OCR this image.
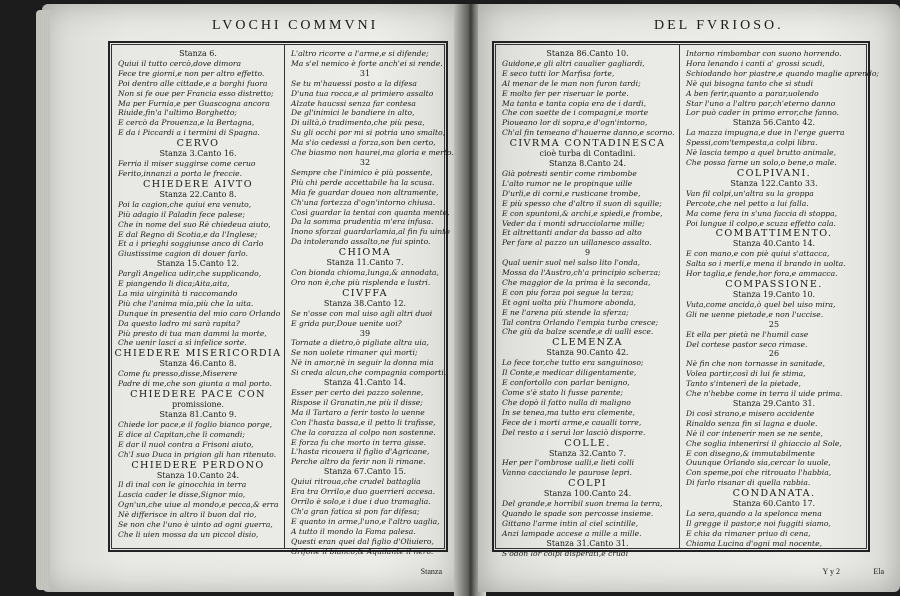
LVOCHI COMMVNI
Stanza 6.
Quiui il tutto cercò,dove dimora
Fece tre giorni,e non per altro effetto.
Poi dentro alle cittade,e a borghi fuora
Non si fe oue per Francia esso distretto;
Ma per Furnia,e per Guascogna ancora
Riuide,fin'a l'ultimo Borghetto;
E cercò da Prouenza,e la Bertagna,
E da i Piccardi a i termini di Spagna.
CERVO
Stanza 3.Canto 16.
Ferria il miser suggirse come ceruo
Ferito,innanzi a porta le freccie.
CHIEDERE AIVTO
Stanza 22.Canto 8.
Poi la cagion,che quiui era venuto,
Più adagio il Paladin fece palese;
Che in nome del suo Rè chiedeua aiuto,
E dal Regno di Scotia,e da l'Inglese;
Et a i prieghi soggiunse anco di Carlo
Giustissime cagion di douer farlo.
Stanza 15.Canto 12.
Parglì Angelica udir,che supplicando,
E piangendo li dica;Aita,aita,
La mia uirginità ti raccomando
Più che l'anima mia,più che la uita.
Dunque in presentia del mio caro Orlando
Da questo ladro mi sarà rapita?
Più presto di tua man dammi la morte,
Che uenir lasci a sì infelice sorte.
CHIEDERE MISERICORDIA
Stanza 46.Canto 8.
Come fu presso,disse,Miserere
Padre di me,che son giunta a mal porto.
CHIEDERE PACE CON
promissione.
Stanza 81.Canto 9.
Chiede lor pace,e il foglio bianco porge,
E dice al Capitan,che lì comandi;
E dar il nuol contra a Frisoni aiuto,
Ch'I suo Duca in prigion gli han ritenuto.
CHIEDERE PERDONO
Stanza 10.Canto 24.
Il dì inal con le ginocchia in terra
Lascia cader le disse,Signor mio,
Ogn'un,che uiue al mondo,e pecca,& erra
Nè differisce in altro il buon dal rio,
Se non che l'uno è uinto ad ogni guerra,
Che li uien mossa da un piccol disio,
L'altro ricorre a l'arme,e si difende;
Ma s'el nemico è forte anch'ei si rende.
31
Se tu m'hauessi posto a la difesa
D'una tua rocca,e al primiero assalto
Alzate haucssi senza far contesa
De gl'inimici le bandiere in alto,
Di uiltà,ò tradimento,che più pesa,
Su gli occhi por mi si potria uno smalto,
Ma s'io cedessi a forza,son ben certo,
Che biasmo non haurei,ma gloria e merto.
32
Sempre che l'inimico è più possente,
Più chi perde accettabile ha la scusa.
Mia fe guardar douea non altramente,
Ch'una fortezza d'ogn'intorno chiusa.
Così guardar la tentai con quanta mente,
Da la somma prudentia m'era infusa.
Inono sforzai guardarlamia,al fin fu uinto
Da intolerando assalto,ne fui spinto.
CHIOMA
Stanza 11.Canto 7.
Con bionda chioma,lunga,& annodata,
Oro non è,che più risplenda e lustri.
CIVFFA
Stanza 38.Canto 12.
Se n'osse con mal uiso agli altri duoi
E grida pur,Doue uenite uoi?
39
Tornate a dietro,ò pigliate altra uia,
Se non uolete rimaner quì morti;
Nè in amor,nè in seguir la donna mia
Si creda alcun,che compagnia comporti.
Stanza 41.Canto 14.
Esser per certo dei pazzo solenne,
Rispose il Granatin,ne più il disse;
Ma il Tartaro a ferir tosto lo uenne
Con l'hasta bassa,e il petto li trafisse,
Che la corazza al colpo non sostenne.
E forza fu che morto in terra gisse.
L'hasta ricouera il figlio d'Agricane,
Perche altro da ferir non li rimane.
Stanza 67.Canto 15.
Quiui ritroua,che crudel battaglia
Era tra Orrilo,e duo guerrieri accesa.
Orrilo è solo,e i due i duo tramaglia.
Ch'a gran fatica si pon far difesa;
E quanto in arme,l'uno,e l'altro uaglia,
A tutto il mondo la Fama palesa.
Questi eran quei dal figlio d'Oliuiero,
Grifone il bianco,& Aquilante il nero.
Stanza
DEL FVRIOSO.
Stanza 86.Canto 10.
Guidone,e gli altri caualier gagliardi,
E seco tutti lor Marfisa forte,
Al menar de le man non furon tardi;
E molto fer per riseruar le porte.
Ma tanta e tanta copia era de i dardi,
Che con saette de i compagni,e morte
Pioueano lor di sopra,e d'ogn'intorno,
Ch'al fin temeano d'hauerne danno,e scorno.
CIVRMA CONTADINESCA
cioè turba di Contadini.
Stanza 8.Canto 24.
Già potresti sentir come rimbombe
L'alto rumor ne le propinque uille
D'urli,e di corni,e rusticane trombe,
E più spesso che d'altro il suon di squille;
E con spuntoni,& archi,e spiedi,e frombe,
Veder da i monti sdrucciolarne mille;
Et altrettanti andar da basso ad alto
Per fare al pazzo un uillanesco assalto.
9
Qual uenir suol nel salso lito l'onda,
Mossa da l'Austro,ch'a principio scherza;
Che maggior de la prima è la seconda,
E con piu forza poi segue la terza;
Et ogni uolta più l'humore abonda,
E ne l'arena più stende la sferza;
Tal contra Orlando l'empia turba cresce;
Che giù da balze scende,e di ualli esce.
CLEMENZA
Stanza 90.Canto 42.
Lo fece tor,che tutto era sanguinoso;
Il Conte,e medicar diligentamente,
E confortollo con parlar benigno,
Come s'è stato li fusse parente;
Che dopò il fatto nulla di maligno
In se tenea,ma tutto era clemente,
Fece de i morti arme,e caualli torre,
Del resto a i seruì lor lasciò disporre.
COLLE.
Stanza 32.Canto 7.
Her per l'ombrose ualli,e lieti colli
Vanno cacciando le paurose lepri.
COLPI
Stanza 100.Canto 24.
Del grande,e horribil suon trema la terra,
Quando le spade son percosse insieme.
Gittano l'arme intin al ciel scintille,
Anzi lampade accese a mille a mille.
Stanza 31.Canto 31.
S'odon lor colpi disperati,e crudi
Intorno rimbombar con suono horrendo.
Hora lenando i canti a' grossi scudi,
Schiodando hor piastre,e quando maglie aprendo;
Nè qui bisogna tanto che si studi
A ben ferir,quanto a parar,uolendo
Star l'uno a l'altro par,ch'eterno danno
Lor può cader in primo error,che fanno.
Stanza 56.Canto 42.
La mazza impugna,e due in l'erge guerra
Spessi,com'tempesta,a colpi libra.
Nè lascia tempo a quel brutto animale,
Che possa farne un solo,o bene,o male.
COLPIVANI.
Stanza 122.Canto 33.
Van fil colpi,un'altra su la groppa
Percote,che nel petto a lui falla.
Ma come fera in s'una faccia di stoppa,
Poi lungue il colpo,e scuza effetto cala.
COMBATTIMENTO.
Stanza 40.Canto 14.
E con mano,e con piè quiui s'attacca,
Salta so i merli,e mena il brando in uolta.
Hor taglia,e fende,hor fora,e ammacca.
COMPASSIONE.
Stanza 19.Canto 10.
Vuta,come ancida,ò quel bel uiso mira,
Gli ne uenne pietade,e non l'uccise.
25
Et ella per pietà ne l'humil case
Del cortese pastor seco rimase.
26
Nè fin che non tornasse in sanitade,
Volea partir,così di lui fe stima,
Tanto s'intenerì de la pietade,
Che n'hebbe come in terra il uide prima.
Stanza 29.Canto 31.
Di così strano,e misero accidente
Rinaldo senza fin si lagna e duole.
Nè il cor intenerir men se ne sente,
Che soglia intenerirsi il ghiaccio al Sole,
E con disegno,& immutabilmente
Ouunque Orlando sia,cercar lo uuole,
Con speme,poi che ritrouato l'habbia,
Di farlo risanar di quella rabbia.
CONDANATA.
Stanza 60.Canto 17.
La sera,quando a la spelonca mena
Il gregge il pastor,e noi fuggiti siamo,
E chia da rimaner priuo di cena,
Chiama Lucina d'ogni mal nocente,
Y y 2	Ela
